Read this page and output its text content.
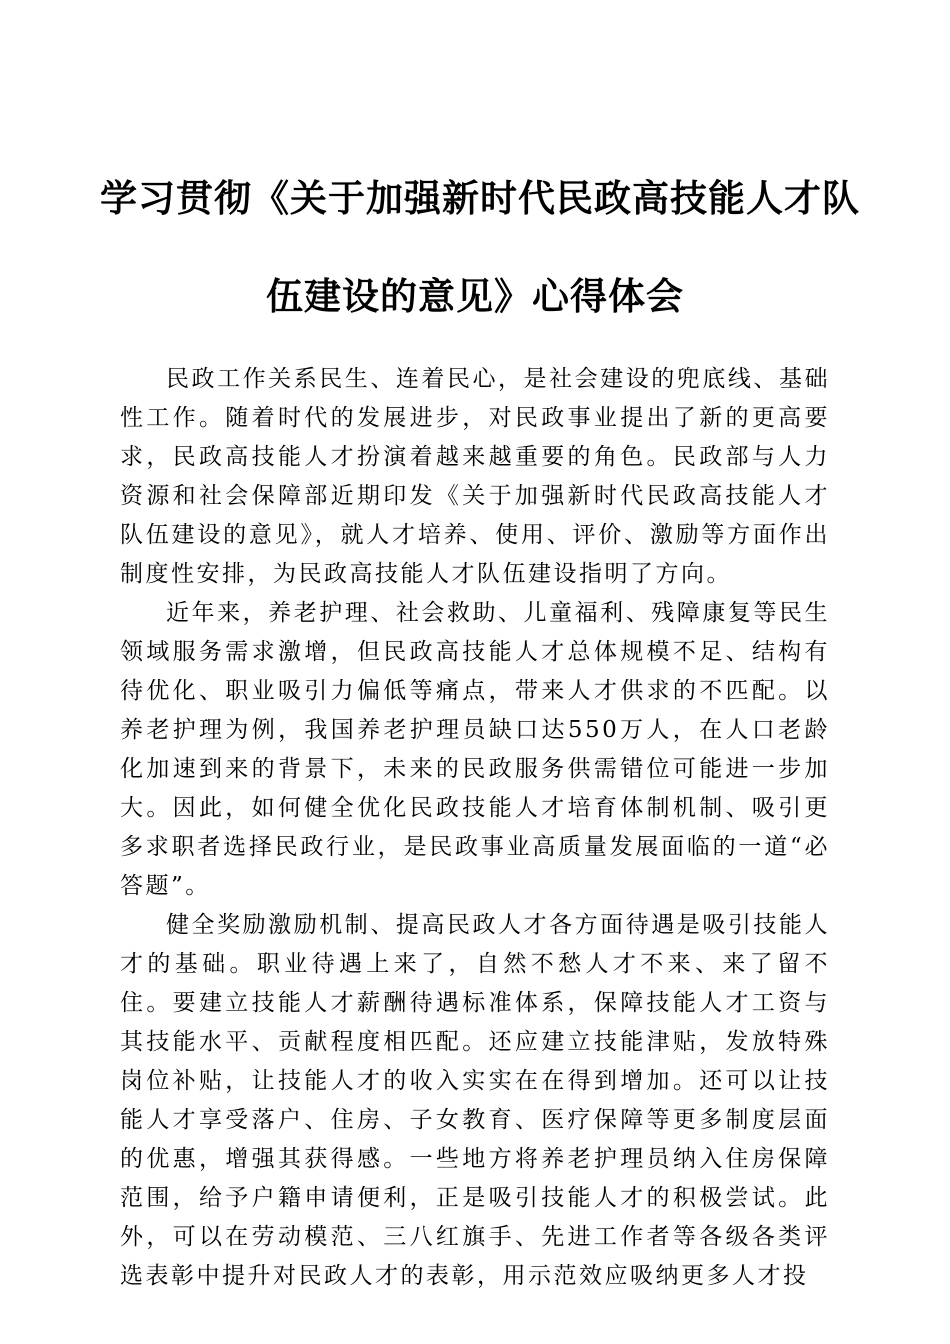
学习贯彻《关于加强新时代民政高技能人才队
伍建设的意见》心得体会

民政工作关系民生、连着民心，是社会建设的兜底线、基础性工作。随着时代的发展进步，对民政事业提出了新的更高要求，民政高技能人才扮演着越来越重要的角色。民政部与人力资源和社会保障部近期印发《关于加强新时代民政高技能人才队伍建设的意见》，就人才培养、使用、评价、激励等方面作出制度性安排，为民政高技能人才队伍建设指明了方向。

近年来，养老护理、社会救助、儿童福利、残障康复等民生领域服务需求激增，但民政高技能人才总体规模不足、结构有待优化、职业吸引力偏低等痛点，带来人才供求的不匹配。以养老护理为例，我国养老护理员缺口达550万人，在人口老龄化加速到来的背景下，未来的民政服务供需错位可能进一步加大。因此，如何健全优化民政技能人才培育体制机制、吸引更多求职者选择民政行业，是民政事业高质量发展面临的一道“必答题”。

健全奖励激励机制、提高民政人才各方面待遇是吸引技能人才的基础。职业待遇上来了，自然不愁人才不来、来了留不住。要建立技能人才薪酬待遇标准体系，保障技能人才工资与其技能水平、贡献程度相匹配。还应建立技能津贴，发放特殊岗位补贴，让技能人才的收入实实在在得到增加。还可以让技能人才享受落户、住房、子女教育、医疗保障等更多制度层面的优惠，增强其获得感。一些地方将养老护理员纳入住房保障范围，给予户籍申请便利，正是吸引技能人才的积极尝试。此外，可以在劳动模范、三八红旗手、先进工作者等各级各类评选表彰中提升对民政人才的表彰，用示范效应吸纳更多人才投
